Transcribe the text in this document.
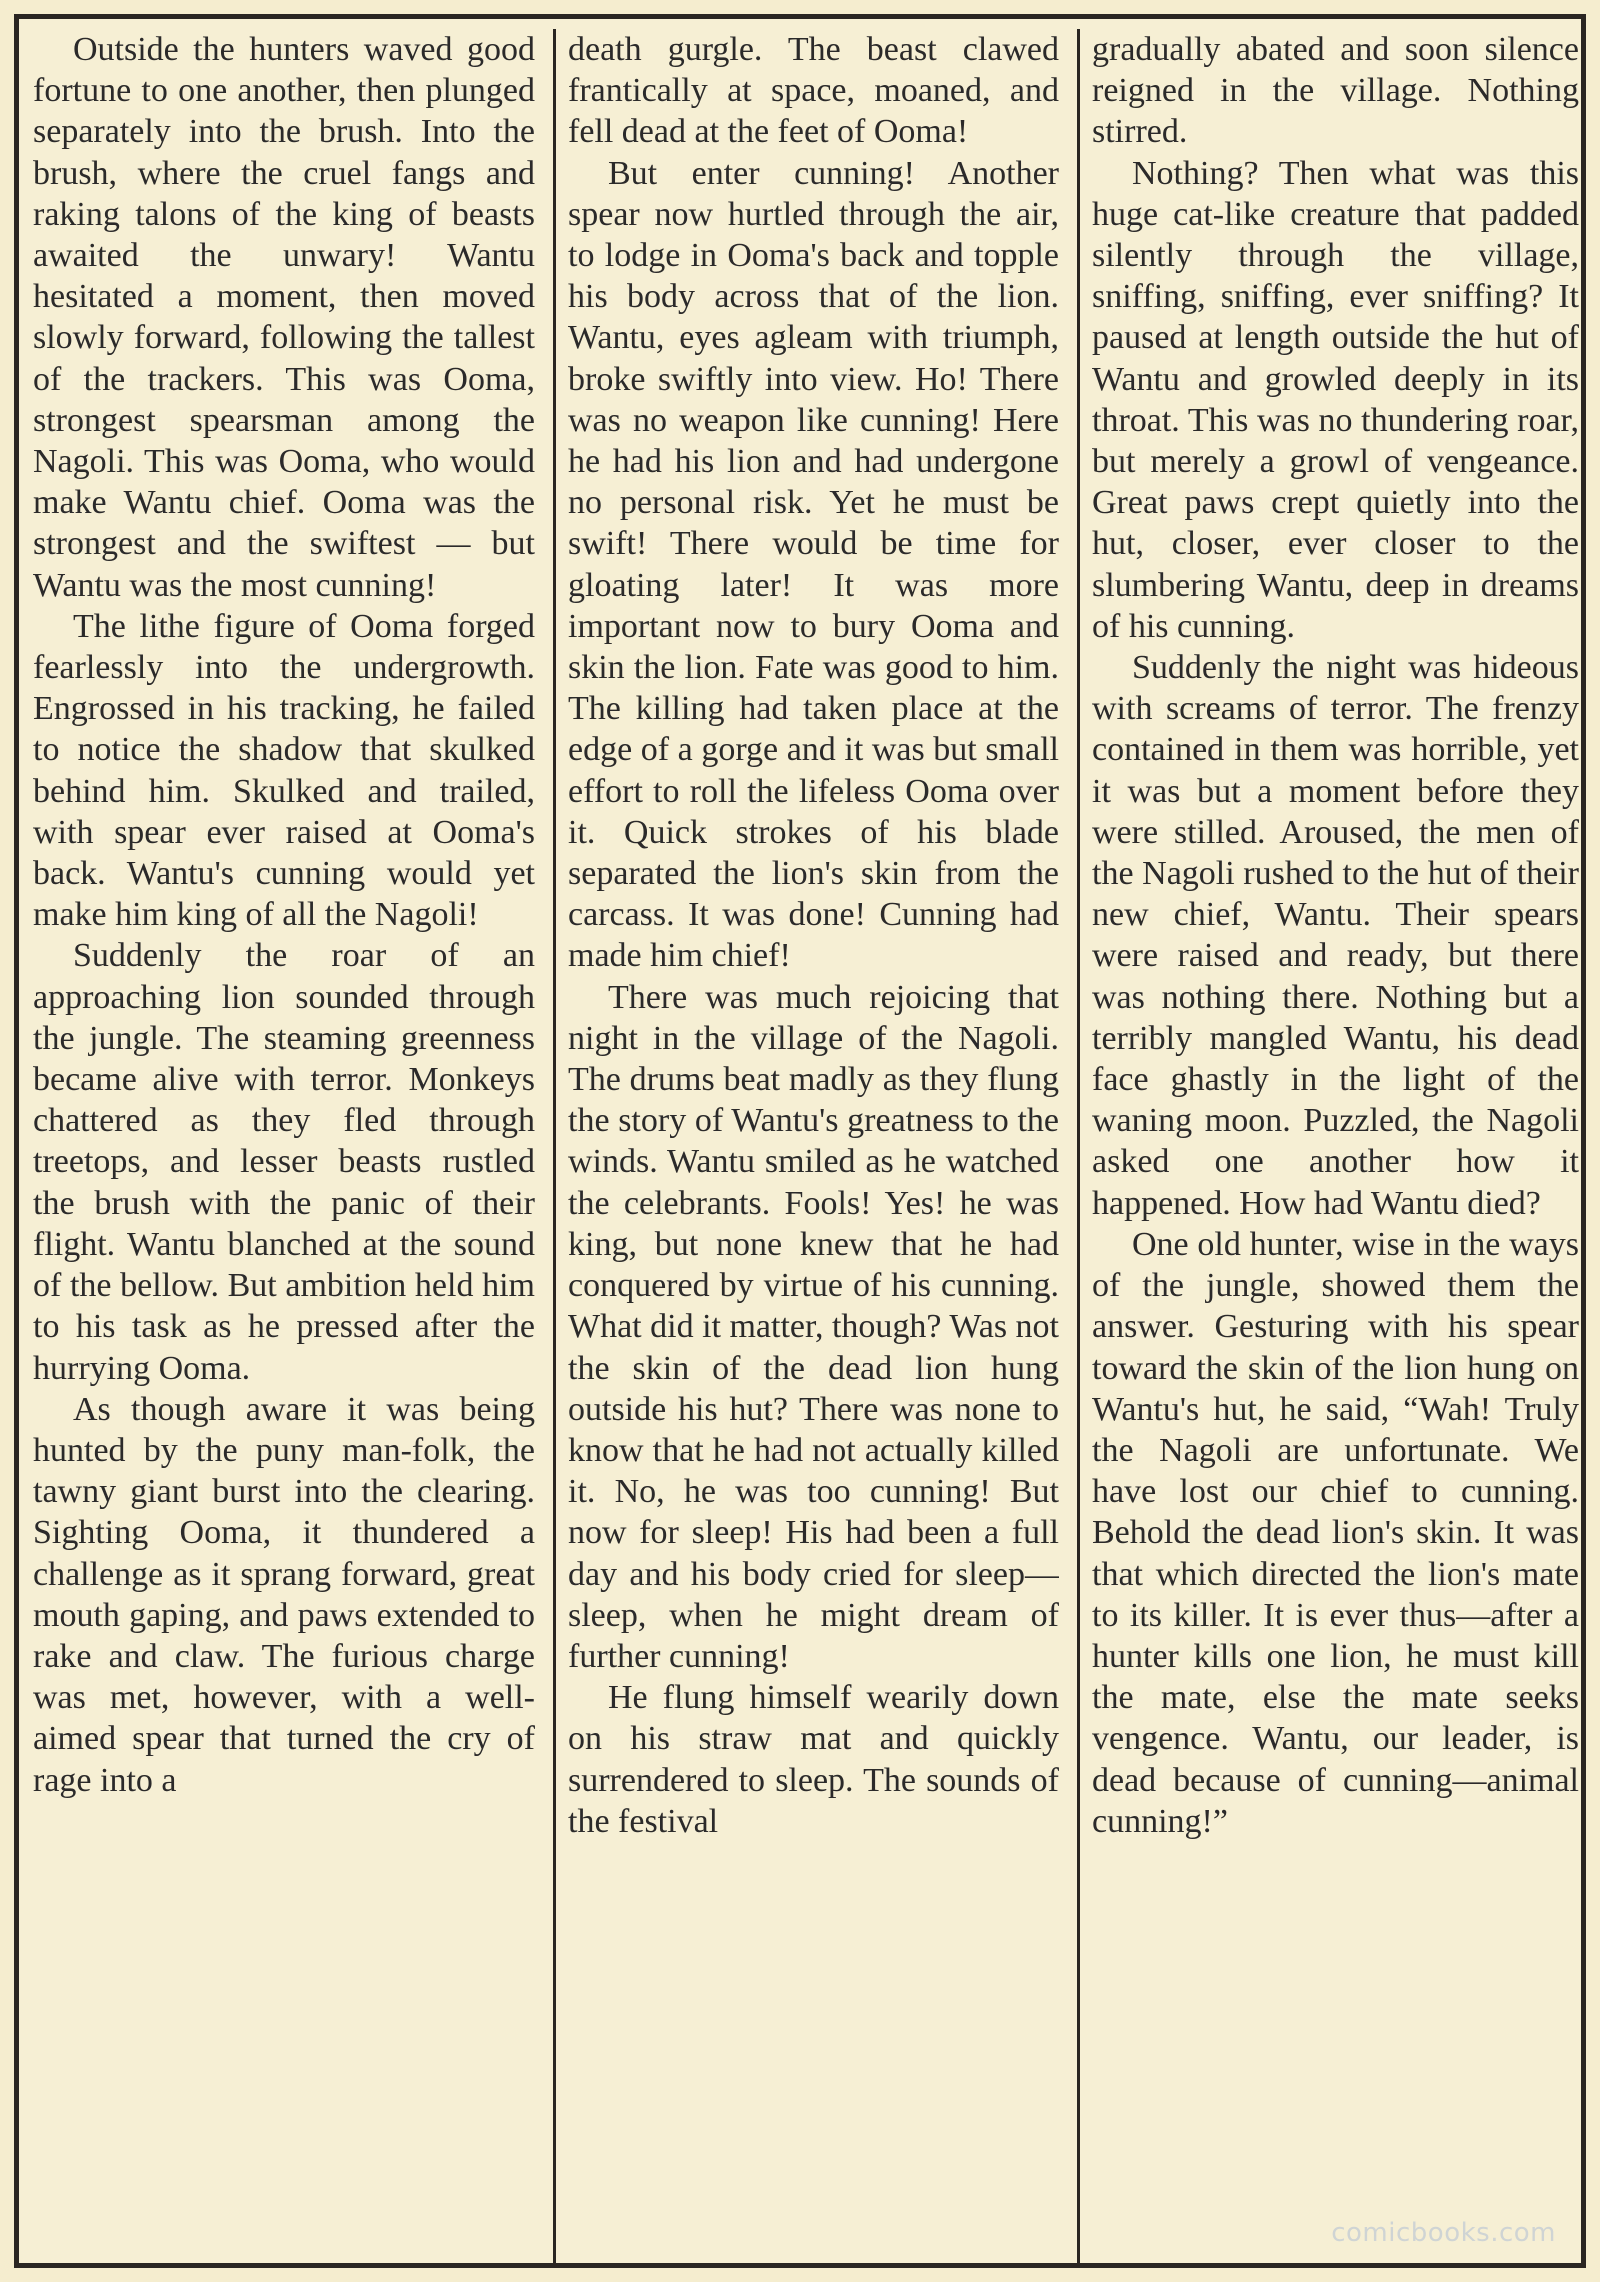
Outside the hunters waved good fortune to one another, then plunged separately into the brush. Into the brush, where the cruel fangs and raking talons of the king of beasts awaited the unwary! Wantu hesitated a moment, then moved slowly forward, following the tallest of the trackers. This was Ooma, strongest spearsman among the Nagoli. This was Ooma, who would make Wantu chief. Ooma was the strongest and the swiftest — but Wantu was the most cunning!

The lithe figure of Ooma forged fearlessly into the undergrowth. Engrossed in his tracking, he failed to notice the shadow that skulked behind him. Skulked and trailed, with spear ever raised at Ooma's back. Wantu's cunning would yet make him king of all the Nagoli!

Suddenly the roar of an approaching lion sounded through the jungle. The steaming greenness became alive with terror. Monkeys chattered as they fled through treetops, and lesser beasts rustled the brush with the panic of their flight. Wantu blanched at the sound of the bellow. But ambition held him to his task as he pressed after the hurrying Ooma.

As though aware it was being hunted by the puny man-folk, the tawny giant burst into the clearing. Sighting Ooma, it thundered a challenge as it sprang forward, great mouth gaping, and paws extended to rake and claw. The furious charge was met, however, with a well-aimed spear that turned the cry of rage into a

death gurgle. The beast clawed frantically at space, moaned, and fell dead at the feet of Ooma!

But enter cunning! Another spear now hurtled through the air, to lodge in Ooma's back and topple his body across that of the lion. Wantu, eyes agleam with triumph, broke swiftly into view. Ho! There was no weapon like cunning! Here he had his lion and had undergone no personal risk. Yet he must be swift! There would be time for gloating later! It was more important now to bury Ooma and skin the lion. Fate was good to him. The killing had taken place at the edge of a gorge and it was but small effort to roll the lifeless Ooma over it. Quick strokes of his blade separated the lion's skin from the carcass. It was done! Cunning had made him chief!

There was much rejoicing that night in the village of the Nagoli. The drums beat madly as they flung the story of Wantu's greatness to the winds. Wantu smiled as he watched the celebrants. Fools! Yes! he was king, but none knew that he had conquered by virtue of his cunning. What did it matter, though? Was not the skin of the dead lion hung outside his hut? There was none to know that he had not actually killed it. No, he was too cunning! But now for sleep! His had been a full day and his body cried for sleep—sleep, when he might dream of further cunning!

He flung himself wearily down on his straw mat and quickly surrendered to sleep. The sounds of the festival

gradually abated and soon silence reigned in the village. Nothing stirred.

Nothing? Then what was this huge cat-like creature that padded silently through the village, sniffing, sniffing, ever sniffing? It paused at length outside the hut of Wantu and growled deeply in its throat. This was no thundering roar, but merely a growl of vengeance. Great paws crept quietly into the hut, closer, ever closer to the slumbering Wantu, deep in dreams of his cunning.

Suddenly the night was hideous with screams of terror. The frenzy contained in them was horrible, yet it was but a moment before they were stilled. Aroused, the men of the Nagoli rushed to the hut of their new chief, Wantu. Their spears were raised and ready, but there was nothing there. Nothing but a terribly mangled Wantu, his dead face ghastly in the light of the waning moon. Puzzled, the Nagoli asked one another how it happened. How had Wantu died?

One old hunter, wise in the ways of the jungle, showed them the answer. Gesturing with his spear toward the skin of the lion hung on Wantu's hut, he said, “Wah! Truly the Nagoli are unfortunate. We have lost our chief to cunning. Behold the dead lion's skin. It was that which directed the lion's mate to its killer. It is ever thus—after a hunter kills one lion, he must kill the mate, else the mate seeks vengence. Wantu, our leader, is dead because of cunning—animal cunning!”

comicbooks.com
